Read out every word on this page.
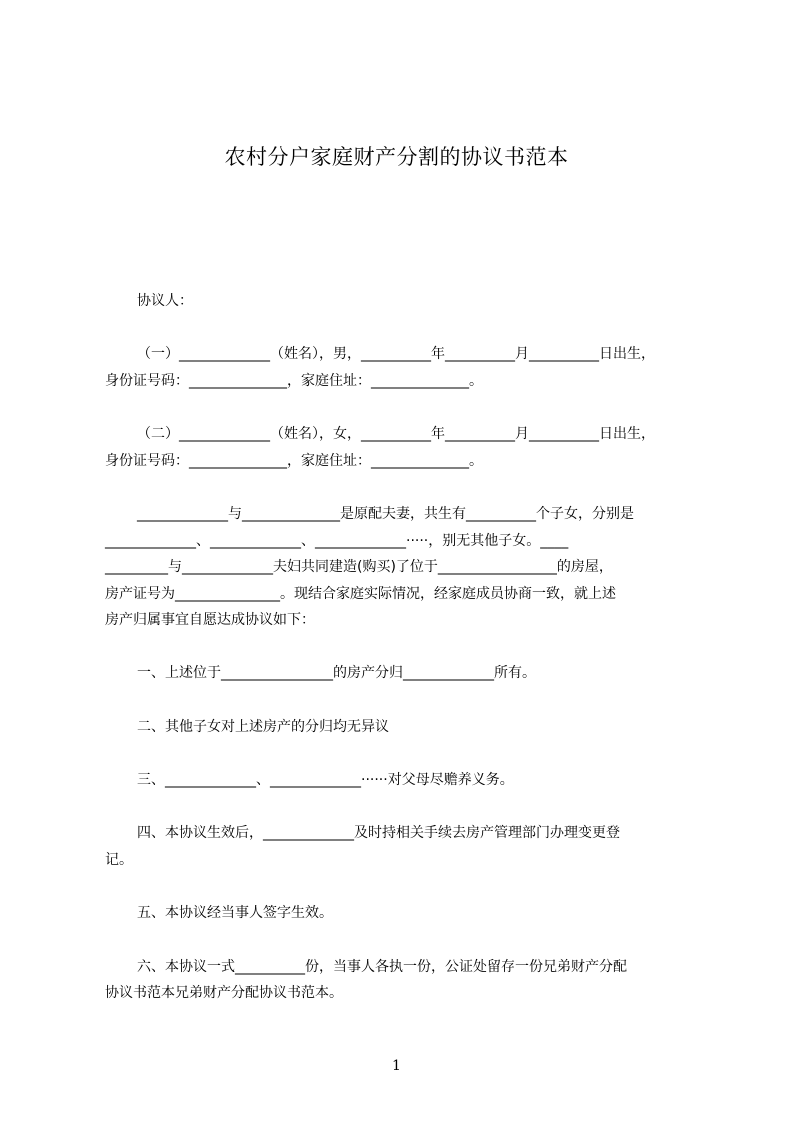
农村分户家庭财产分割的协议书范本
协议人：
（一）_____________（姓名），男，__________年__________月__________日出生，
身份证号码：______________，家庭住址：______________。
（二）_____________（姓名），女，__________年__________月__________日出生，
身份证号码：______________，家庭住址：______________。
_____________与______________是原配夫妻，共生有__________个子女，分别是
_____________、_____________、_____________·····，别无其他子女。____
_________与_____________夫妇共同建造(购买)了位于_________________的房屋，
房产证号为_______________。现结合家庭实际情况，经家庭成员协商一致，就上述
房产归属事宜自愿达成协议如下：
一、上述位于________________的房产分归_____________所有。
二、其他子女对上述房产的分归均无异议
三、_____________、_____________······对父母尽赡养义务。
四、本协议生效后，_____________及时持相关手续去房产管理部门办理变更登
记。
五、本协议经当事人签字生效。
六、本协议一式__________份，当事人各执一份，公证处留存一份兄弟财产分配
协议书范本兄弟财产分配协议书范本。
1
